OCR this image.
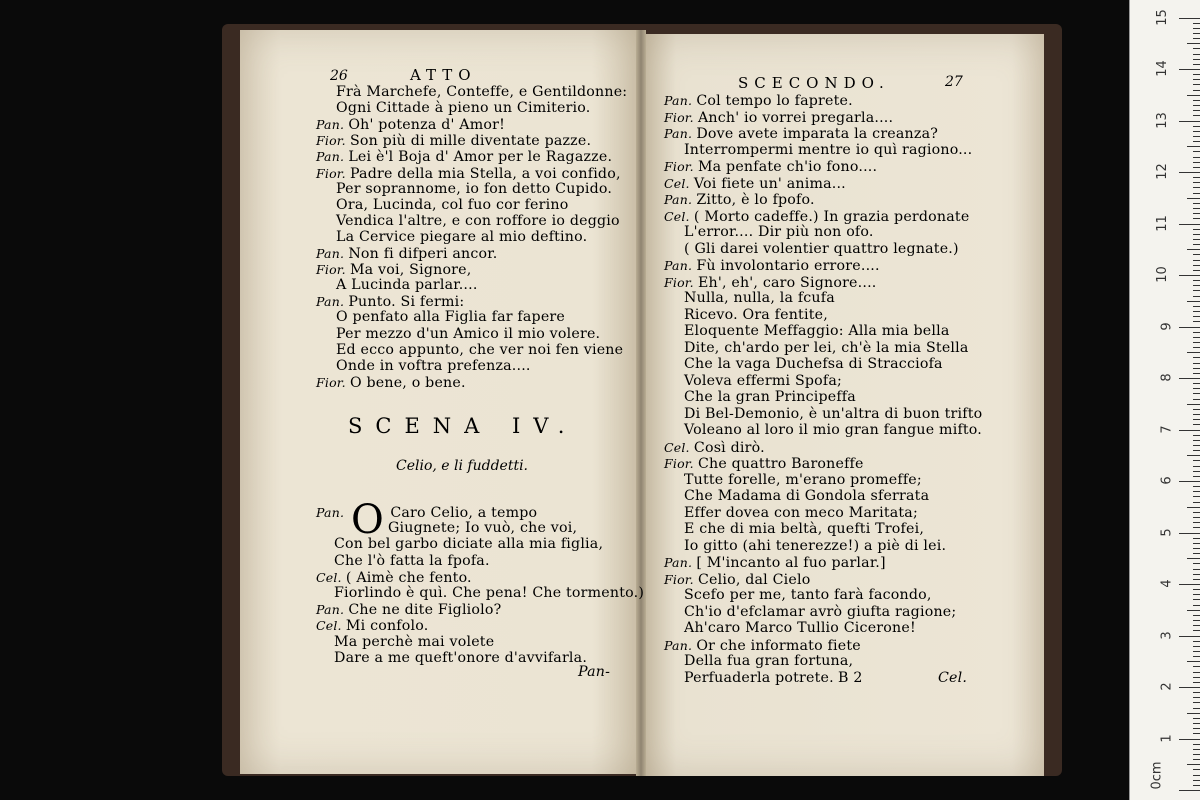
26	ATTO	SCECONDO.	27
Frà Marchefe, Conteffe, e Gentildonne:
Ogni Cittade à pieno un Cimiterio.
Pan. Oh' potenza d' Amor!
Fior. Son più di mille diventate pazze.
Pan. Lei è'l Boja d' Amor per le Ragazze.
Fior. Padre della mia Stella, a voi confido,
Per soprannome, io fon detto Cupido.
Ora, Lucinda, col fuo cor ferino
Vendica l'altre, e con roffore io deggio
La Cervice piegare al mio deftino.
Pan. Non fi difperi ancor.
Fior. Ma voi, Signore,
A Lucinda parlar....
Pan. Punto. Si fermi:
O penfato alla Figlia far fapere
Per mezzo d'un Amico il mio volere.
Ed ecco appunto, che ver noi fen viene
Onde in voftra prefenza....
Fior. O bene, o bene.
SCENA IV.
Celio, e li fuddetti.
O
Pan.	Caro Celio, a tempo
Giugnete; Io vuò, che voi,
Con bel garbo diciate alla mia figlia,
Che l'ò fatta la fpofa.
Cel. ( Aimè che fento.
Fiorlindo è quì. Che pena! Che tormento.)
Pan. Che ne dite Figliolo?
Cel. Mi confolo.
Ma perchè mai volete
Dare a me queft'onore d'avvifarla.
Pan-
Pan. Col tempo lo faprete.
Fior. Anch' io vorrei pregarla....
Pan. Dove avete imparata la creanza?
Interrompermi mentre io quì ragiono...
Fior. Ma penfate ch'io fono....
Cel. Voi fiete un' anima...
Pan. Zitto, è lo fpofo.
Cel. ( Morto cadeffe.) In grazia perdonate
L'error.... Dir più non ofo.
( Gli darei volentier quattro legnate.)
Pan. Fù involontario errore....
Fior. Eh', eh', caro Signore....
Nulla, nulla, la fcufa
Ricevo. Ora fentite,
Eloquente Meffaggio: Alla mia bella
Dite, ch'ardo per lei, ch'è la mia Stella
Che la vaga Duchefsa di Stracciofa
Voleva effermi Spofa;
Che la gran Principeffa
Di Bel-Demonio, è un'altra di buon trifto
Voleano al loro il mio gran fangue mifto.
Cel. Così dirò.
Fior. Che quattro Baroneffe
Tutte forelle, m'erano promeffe;
Che Madama di Gondola sferrata
Effer dovea con meco Maritata;
E che di mia beltà, quefti Trofei,
Io gitto (ahi tenerezze!) a piè di lei.
Pan. [ M'incanto al fuo parlar.]
Fior. Celio, dal Cielo
Scefo per me, tanto farà facondo,
Ch'io d'efclamar avrò giufta ragione;
Ah'caro Marco Tullio Cicerone!
Pan. Or che informato fiete
Della fua gran fortuna,
Perfuaderla potrete. B 2	Cel.
0cm
1
2
3
4
5
6
7
8
9
10
11
12
13
14
15
